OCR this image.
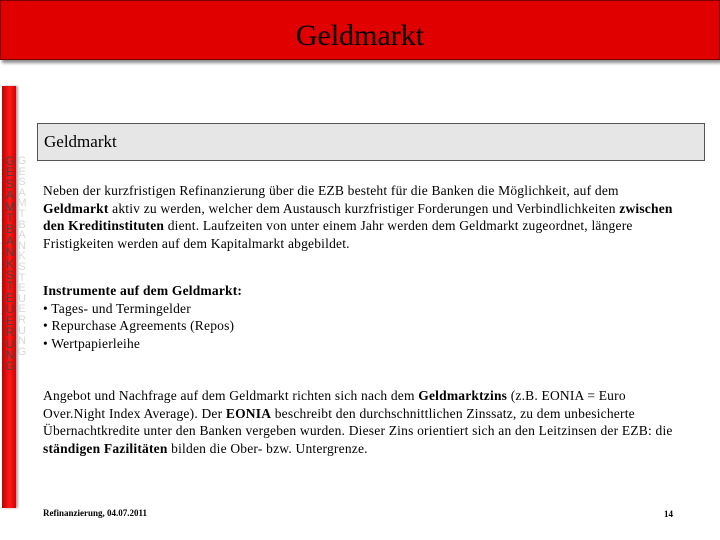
Geldmarkt
GESAMTBANKSTEUERUNG
GESAMTBANKSTEUERUNG
Geldmarkt
Neben der kurzfristigen Refinanzierung über die EZB besteht für die Banken die Möglichkeit, auf dem Geldmarkt aktiv zu werden, welcher dem Austausch kurzfristiger Forderungen und Verbindlichkeiten zwischen den Kreditinstituten dient. Laufzeiten von unter einem Jahr werden dem Geldmarkt zugeordnet, längere Fristigkeiten werden auf dem Kapitalmarkt abgebildet.
Instrumente auf dem Geldmarkt:
• Tages- und Termingelder
• Repurchase Agreements (Repos)
• Wertpapierleihe
Angebot und Nachfrage auf dem Geldmarkt richten sich nach dem Geldmarktzins (z.B. EONIA = Euro Over.Night Index Average). Der EONIA beschreibt den durchschnittlichen Zinssatz, zu dem unbesicherte Übernachtkredite unter den Banken vergeben wurden. Dieser Zins orientiert sich an den Leitzinsen der EZB: die ständigen Fazilitäten bilden die Ober- bzw. Untergrenze.
Refinanzierung, 04.07.2011	14
